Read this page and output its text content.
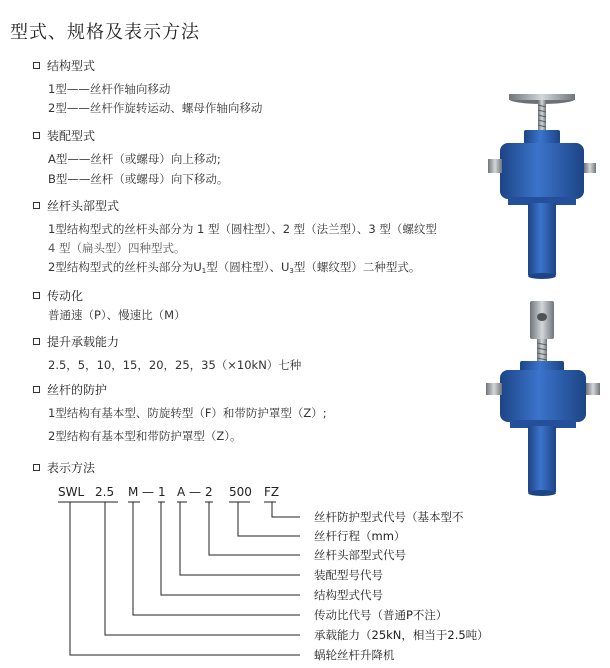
型式、规格及表示方法
结构型式
1型——丝杆作轴向移动
2型——丝杆作旋转运动、螺母作轴向移动
装配型式
A型——丝杆（或螺母）向上移动;
B型——丝杆（或螺母）向下移动。
丝杆头部型式
1型结构型式的丝杆头部分为 1 型（圆柱型）、2 型（法兰型）、3 型（螺纹型
4 型（扁头型）四种型式。
2型结构型式的丝杆头部分为$U_1$型（圆柱型）、$U_3$型（螺纹型）二种型式。
传动化
普通速（P）、慢速比（M）
提升承载能力
2.5，5，10，15，20，25，35（×10kN）七种
丝杆的防护
1型结构有基本型、防旋转型（F）和带防护罩型（Z）;
2型结构有基本型和带防护罩型（Z）。
表示方法
SWL 2.5 M — 1 A — 2 500 FZ
丝杆防护型式代号（基本型不
丝杆行程（mm）
丝杆头部型式代号
装配型号代号
结构型式代号
传动比代号（普通P不注）
承载能力（25kN，相当于2.5吨）
蜗轮丝杆升降机
